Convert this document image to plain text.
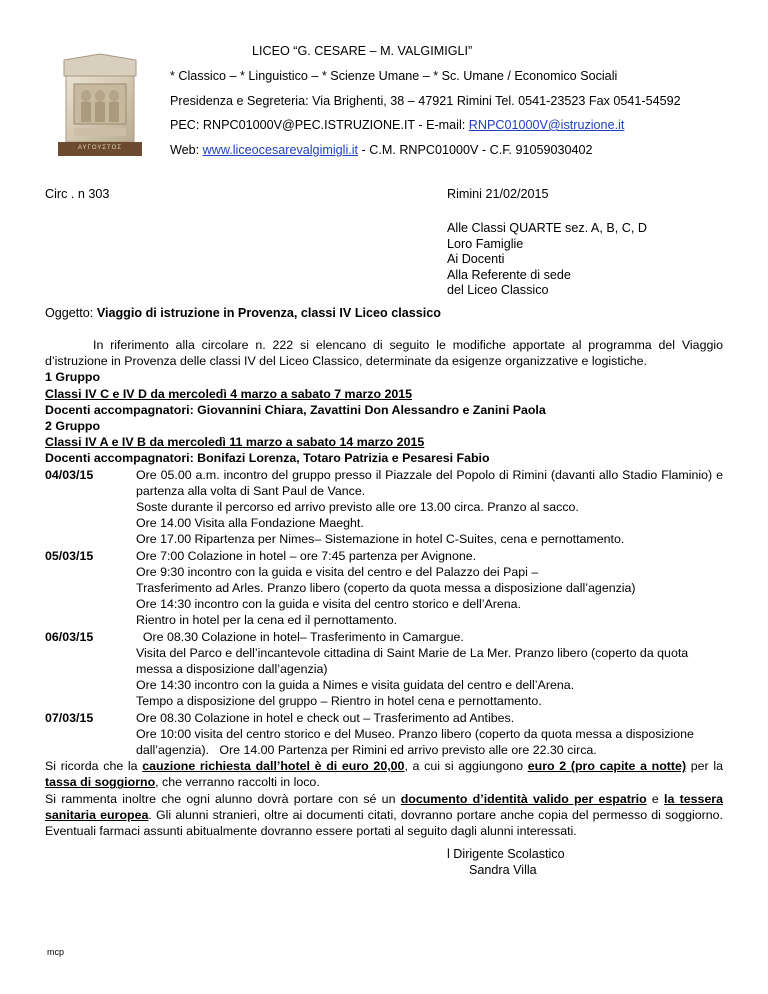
ΑΥΓΟΥΣΤΟΣ
LICEO “G. CESARE – M. VALGIMIGLI”
* Classico – * Linguistico – * Scienze Umane – * Sc. Umane / Economico Sociali
Presidenza e Segreteria: Via Brighenti, 38 – 47921 Rimini Tel. 0541-23523 Fax 0541-54592
PEC: RNPC01000V@PEC.ISTRUZIONE.IT - E-mail: RNPC01000V@istruzione.it
Web: www.liceocesarevalgimigli.it - C.M. RNPC01000V - C.F. 91059030402
Circ . n 303	Rimini 21/02/2015
Alle Classi QUARTE sez. A, B, C, D
Loro Famiglie
Ai Docenti
Alla Referente di sede
del Liceo Classico
Oggetto: Viaggio di istruzione in Provenza, classi IV Liceo classico
In riferimento alla circolare n. 222 si elencano di seguito le modifiche apportate al programma del Viaggio d’istruzione in Provenza delle classi IV del Liceo Classico, determinate da esigenze organizzative e logistiche.
1 Gruppo
Classi IV C e IV D da mercoledì 4 marzo a sabato 7 marzo 2015
Docenti accompagnatori: Giovannini Chiara, Zavattini Don Alessandro e Zanini Paola
2 Gruppo
Classi IV A e IV B da mercoledì 11 marzo a sabato 14 marzo 2015
Docenti accompagnatori: Bonifazi Lorenza, Totaro Patrizia e Pesaresi Fabio
04/03/15	Ore 05.00 a.m. incontro del gruppo presso il Piazzale del Popolo di Rimini (davanti allo Stadio Flaminio) e partenza alla volta di Sant Paul de Vance.
Soste durante il percorso ed arrivo previsto alle ore 13.00 circa. Pranzo al sacco.
Ore 14.00 Visita alla Fondazione Maeght.
Ore 17.00 Ripartenza per Nimes– Sistemazione in hotel C-Suites, cena e pernottamento.
05/03/15	Ore 7:00 Colazione in hotel – ore 7:45 partenza per Avignone.
Ore 9:30 incontro con la guida e visita del centro e del Palazzo dei Papi –
Trasferimento ad Arles. Pranzo libero (coperto da quota messa a disposizione dall’agenzia)
Ore 14:30 incontro con la guida e visita del centro storico e dell’Arena.
Rientro in hotel per la cena ed il pernottamento.
06/03/15	Ore 08.30 Colazione in hotel– Trasferimento in Camargue.
Visita del Parco e dell’incantevole cittadina di Saint Marie de La Mer. Pranzo libero (coperto da quota messa a disposizione dall’agenzia)
Ore 14:30 incontro con la guida a Nimes e visita guidata del centro e dell’Arena.
Tempo a disposizione del gruppo – Rientro in hotel cena e pernottamento.
07/03/15	Ore 08.30 Colazione in hotel e check out – Trasferimento ad Antibes.
Ore 10:00 visita del centro storico e del Museo. Pranzo libero (coperto da quota messa a disposizione dall’agenzia).   Ore 14.00 Partenza per Rimini ed arrivo previsto alle ore 22.30 circa.
Si ricorda che la cauzione richiesta dall’hotel è di euro 20,00, a cui si aggiungono euro 2 (pro capite a notte) per la tassa di soggiorno, che verranno raccolti in loco.
Si rammenta inoltre che ogni alunno dovrà portare con sé un documento d’identità valido per espatrio e la tessera sanitaria europea. Gli alunni stranieri, oltre ai documenti citati, dovranno portare anche copia del permesso di soggiorno. Eventuali farmaci assunti abitualmente dovranno essere portati al seguito dagli alunni interessati.
l Dirigente Scolastico
Sandra Villa
mcp
